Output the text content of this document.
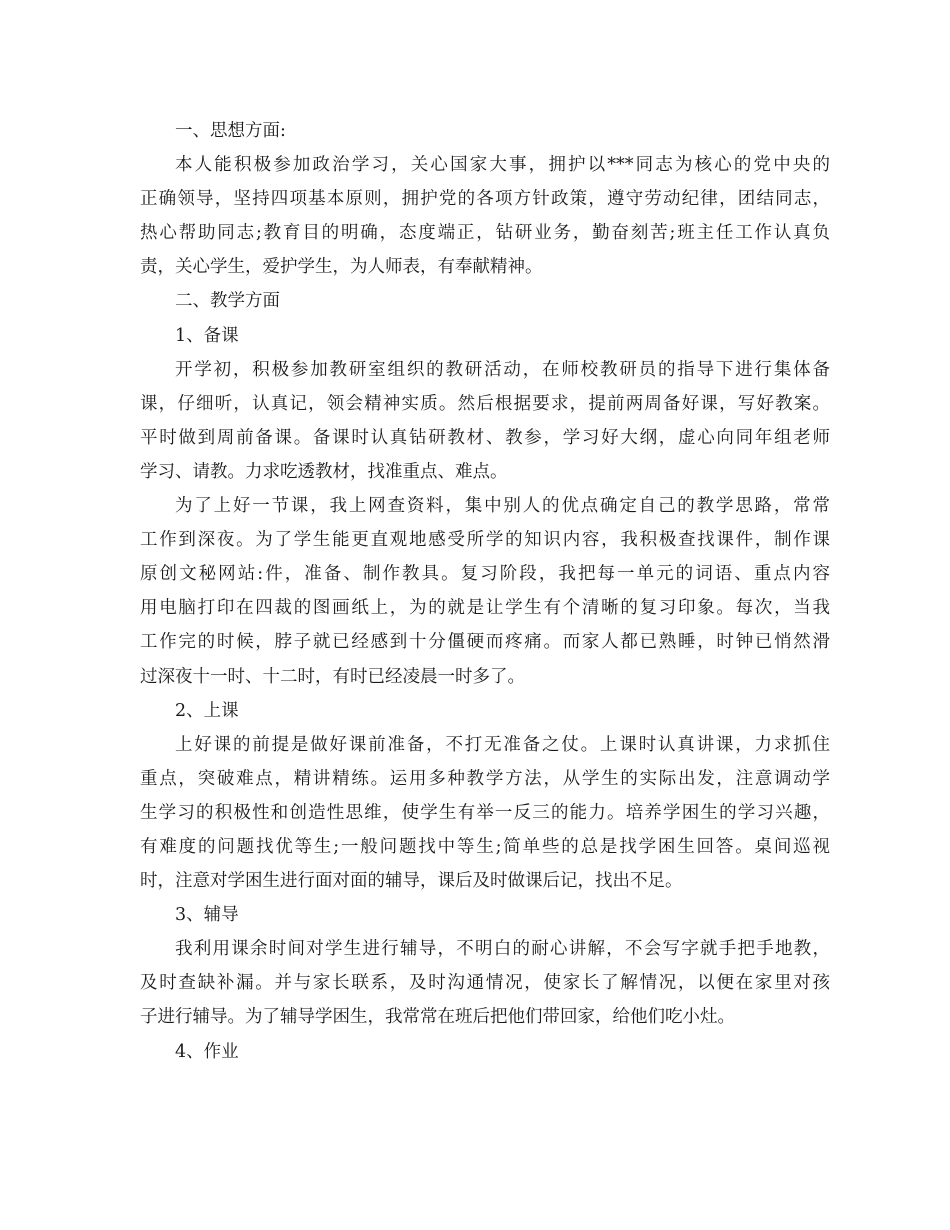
一、思想方面:

本人能积极参加政治学习，关心国家大事，拥护以***同志为核心的党中央的

正确领导，坚持四项基本原则，拥护党的各项方针政策，遵守劳动纪律，团结同志，

热心帮助同志;教育目的明确，态度端正，钻研业务，勤奋刻苦;班主任工作认真负

责，关心学生，爱护学生，为人师表，有奉献精神。

二、教学方面

1、备课

开学初，积极参加教研室组织的教研活动，在师校教研员的指导下进行集体备

课，仔细听，认真记，领会精神实质。然后根据要求，提前两周备好课，写好教案。

平时做到周前备课。备课时认真钻研教材、教参，学习好大纲，虚心向同年组老师

学习、请教。力求吃透教材，找准重点、难点。

为了上好一节课，我上网查资料，集中别人的优点确定自己的教学思路，常常

工作到深夜。为了学生能更直观地感受所学的知识内容，我积极查找课件，制作课

原创文秘网站:件，准备、制作教具。复习阶段，我把每一单元的词语、重点内容

用电脑打印在四裁的图画纸上，为的就是让学生有个清晰的复习印象。每次，当我

工作完的时候，脖子就已经感到十分僵硬而疼痛。而家人都已熟睡，时钟已悄然滑

过深夜十一时、十二时，有时已经凌晨一时多了。

2、上课

上好课的前提是做好课前准备，不打无准备之仗。上课时认真讲课，力求抓住

重点，突破难点，精讲精练。运用多种教学方法，从学生的实际出发，注意调动学

生学习的积极性和创造性思维，使学生有举一反三的能力。培养学困生的学习兴趣，

有难度的问题找优等生;一般问题找中等生;简单些的总是找学困生回答。桌间巡视

时，注意对学困生进行面对面的辅导，课后及时做课后记，找出不足。

3、辅导

我利用课余时间对学生进行辅导，不明白的耐心讲解，不会写字就手把手地教，

及时查缺补漏。并与家长联系，及时沟通情况，使家长了解情况，以便在家里对孩

子进行辅导。为了辅导学困生，我常常在班后把他们带回家，给他们吃小灶。

4、作业
